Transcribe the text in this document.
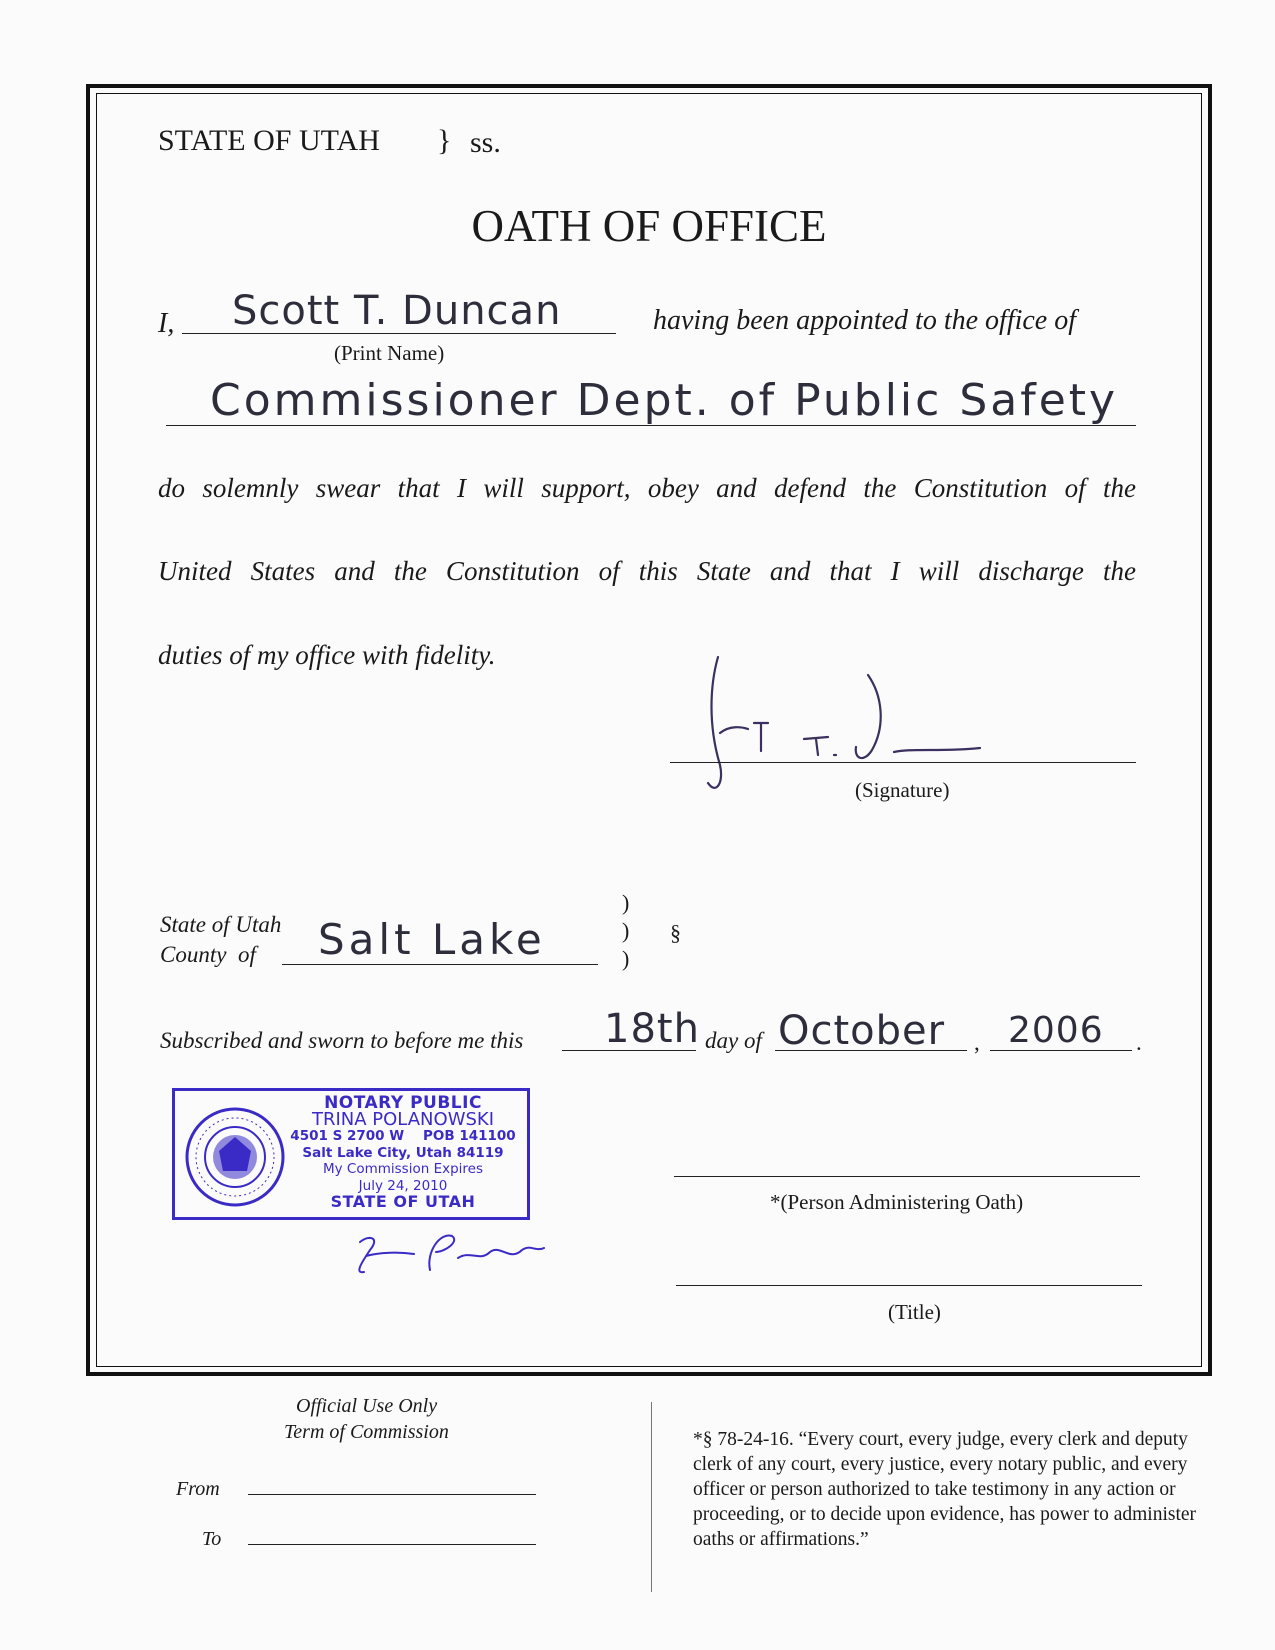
STATE OF UTAH } ss.
OATH OF OFFICE
I, Scott T. Duncan	having been appointed to the office of
(Print Name)
Commissioner Dept. of Public Safety
do solemnly swear that I will support, obey and defend the Constitution of the
United States and the Constitution of this State and that I will discharge the
duties of my office with fidelity.
(Signature)
State of Utah
County  of Salt Lake
)
)
)
§
Subscribed and sworn to before me this 18th day of October , 2006 .
NOTARY PUBLIC
TRINA POLANOWSKI
4501 S 2700 W    POB 141100
Salt Lake City, Utah 84119
My Commission Expires
July 24, 2010
STATE OF UTAH	*(Person Administering Oath)
(Title)
Official Use Only
Term of Commission
From
To
*§ 78-24-16. “Every court, every judge, every clerk and deputy clerk of any court, every justice, every notary public, and every officer or person authorized to take testimony in any action or proceeding, or to decide upon evidence, has power to administer oaths or affirmations.”
